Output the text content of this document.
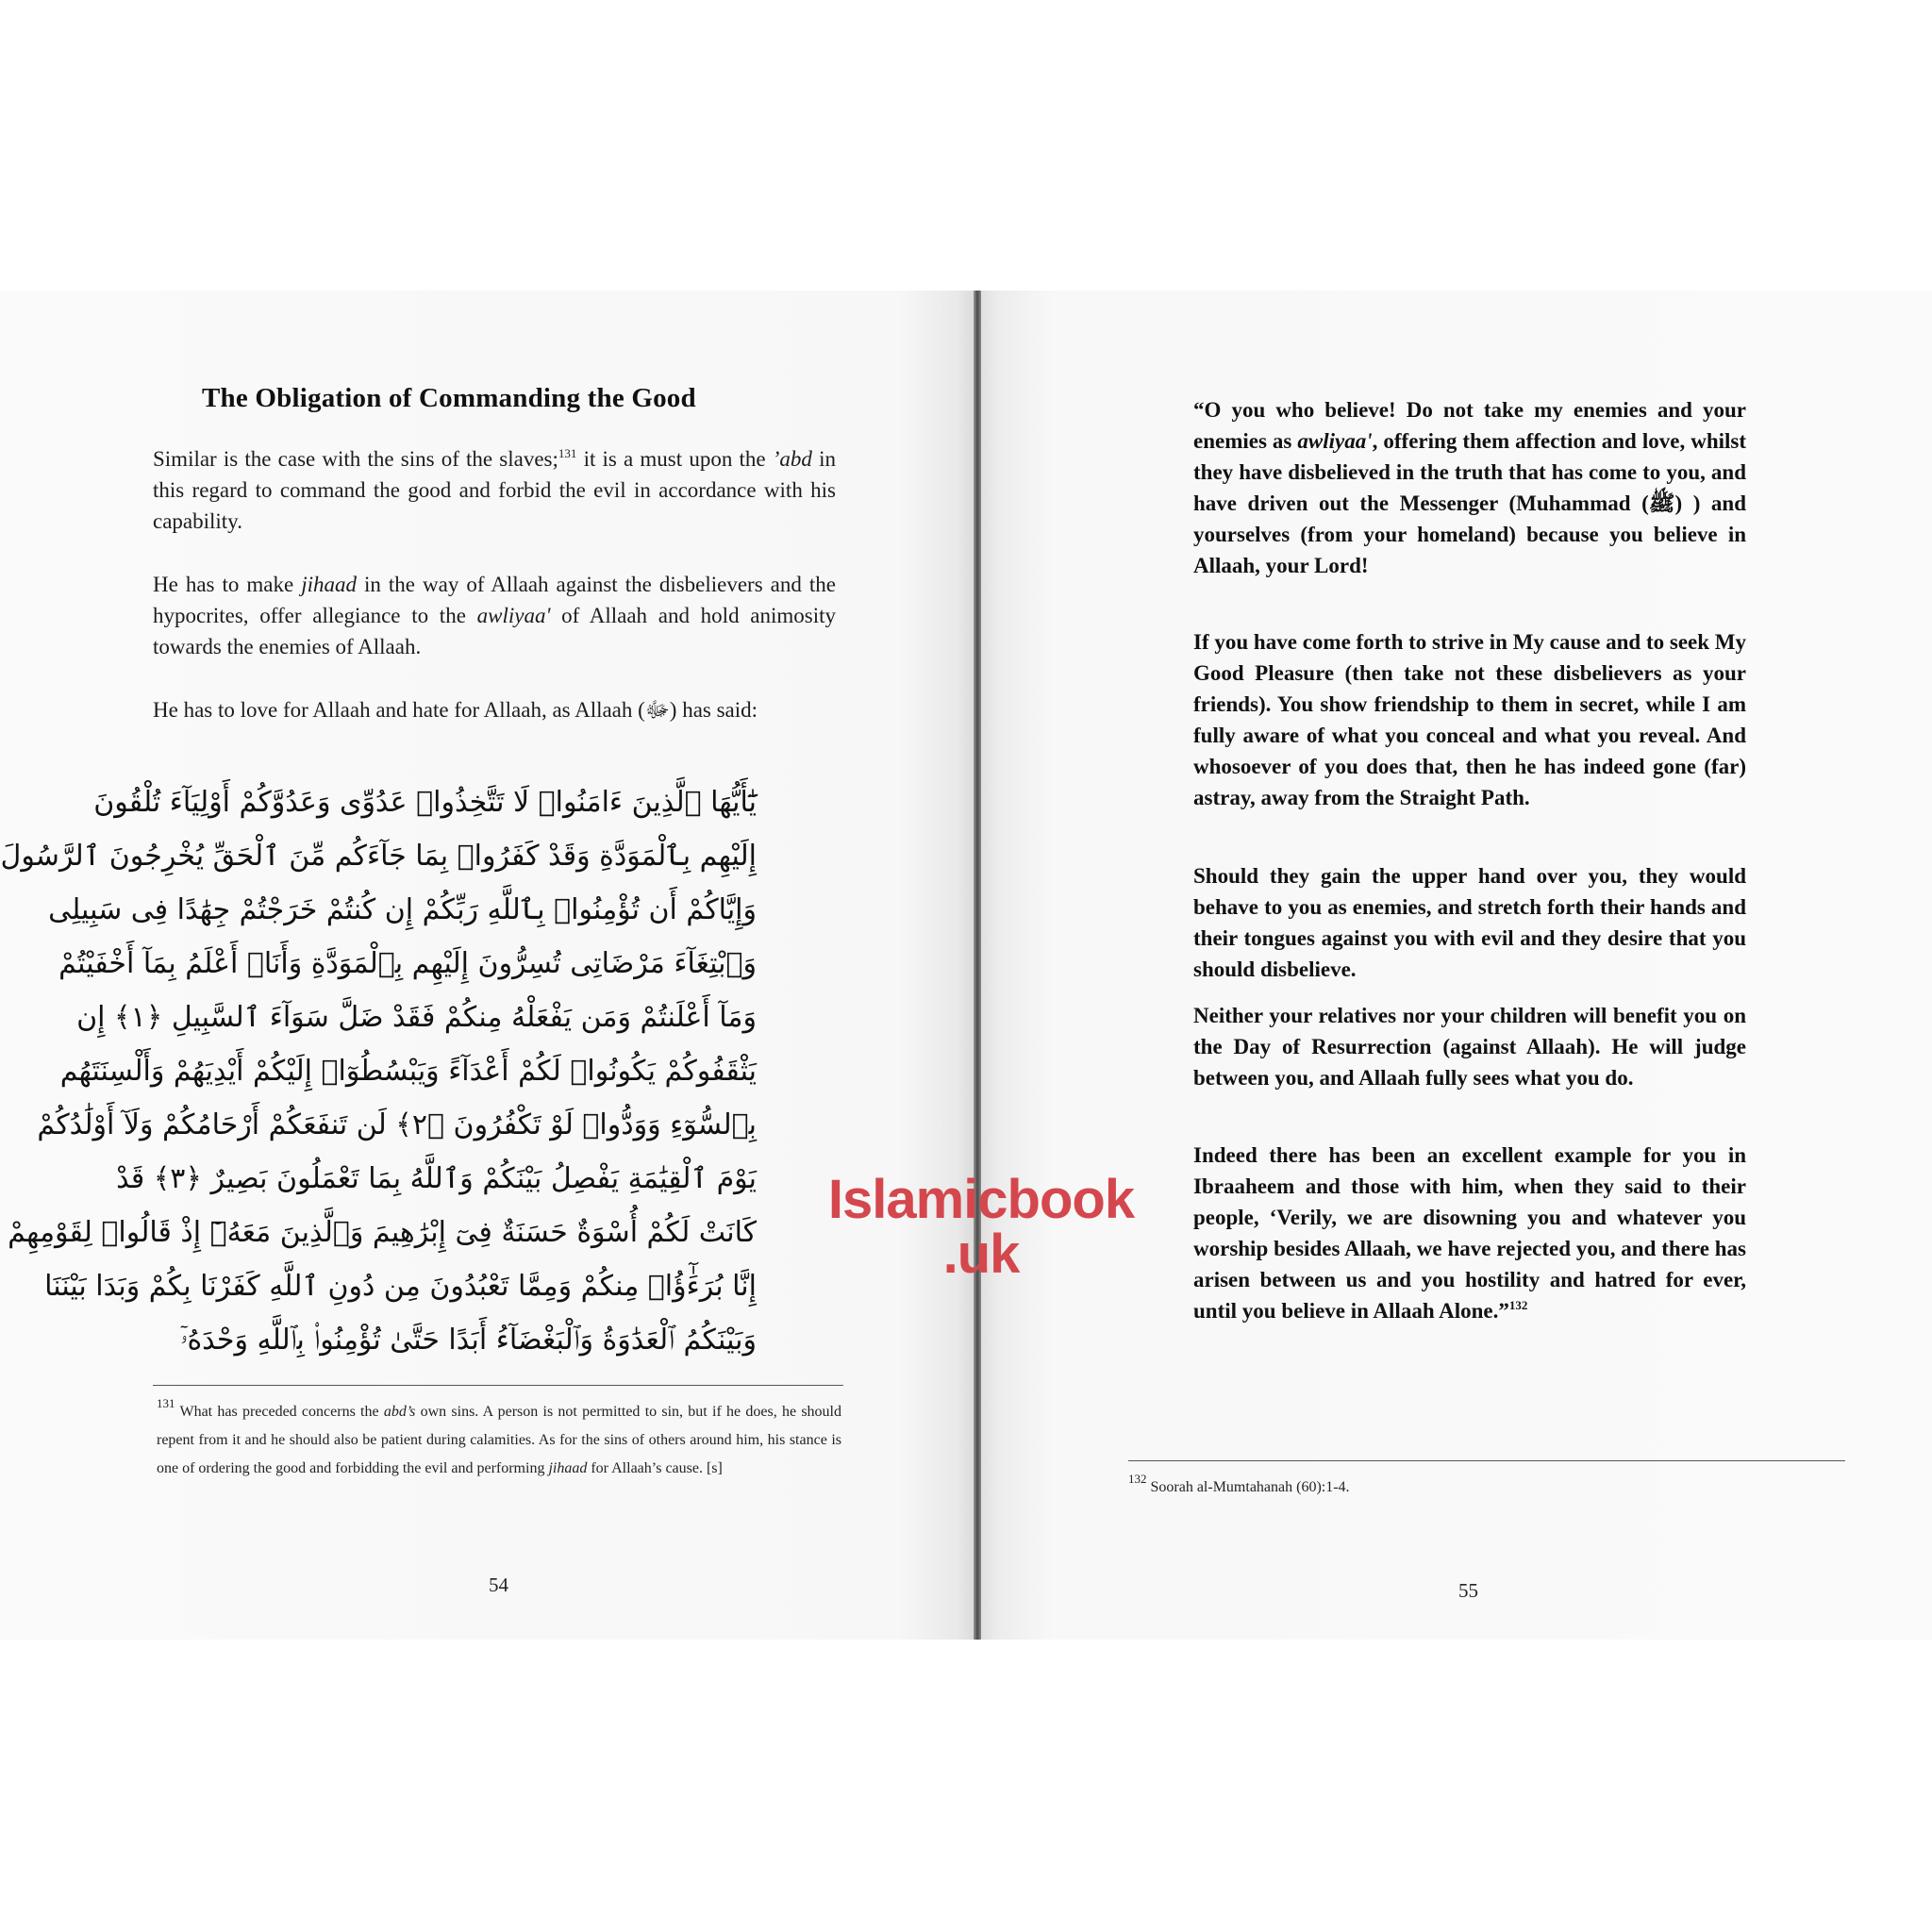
The Obligation of Commanding the Good

Similar is the case with the sins of the slaves;$^{131}$ it is a must upon the ’abd in this regard to command the good and forbid the evil in accordance with his capability.

He has to make jihaad in the way of Allaah against the disbelievers and the hypocrites, offer allegiance to the awliyaa' of Allaah and hold animosity towards the enemies of Allaah.

He has to love for Allaah and hate for Allaah, as Allaah (ﷻ) has said:

يَٰٓأَيُّهَا ٱلَّذِينَ ءَامَنُوا۟ لَا تَتَّخِذُوا۟ عَدُوِّى وَعَدُوَّكُمْ أَوْلِيَآءَ تُلْقُونَ
إِلَيْهِم بِٱلْمَوَدَّةِ وَقَدْ كَفَرُوا۟ بِمَا جَآءَكُم مِّنَ ٱلْحَقِّ يُخْرِجُونَ ٱلرَّسُولَ
وَإِيَّاكُمْ أَن تُؤْمِنُوا۟ بِٱللَّهِ رَبِّكُمْ إِن كُنتُمْ خَرَجْتُمْ جِهَٰدًا فِى سَبِيلِى
وَٱبْتِغَآءَ مَرْضَاتِى تُسِرُّونَ إِلَيْهِم بِٱلْمَوَدَّةِ وَأَنَا۠ أَعْلَمُ بِمَآ أَخْفَيْتُمْ
وَمَآ أَعْلَنتُمْ وَمَن يَفْعَلْهُ مِنكُمْ فَقَدْ ضَلَّ سَوَآءَ ٱلسَّبِيلِ ﴿١﴾ إِن
يَثْقَفُوكُمْ يَكُونُوا۟ لَكُمْ أَعْدَآءً وَيَبْسُطُوٓا۟ إِلَيْكُمْ أَيْدِيَهُمْ وَأَلْسِنَتَهُم
بِٱلسُّوٓءِ وَوَدُّوا۟ لَوْ تَكْفُرُونَ ﴿٢﴾ لَن تَنفَعَكُمْ أَرْحَامُكُمْ وَلَآ أَوْلَٰدُكُمْ
يَوْمَ ٱلْقِيَٰمَةِ يَفْصِلُ بَيْنَكُمْ وَٱللَّهُ بِمَا تَعْمَلُونَ بَصِيرٌ ﴿٣﴾ قَدْ
كَانَتْ لَكُمْ أُسْوَةٌ حَسَنَةٌ فِىٓ إِبْرَٰهِيمَ وَٱلَّذِينَ مَعَهُۥٓ إِذْ قَالُوا۟ لِقَوْمِهِمْ
إِنَّا بُرَءَٰٓؤُا۟ مِنكُمْ وَمِمَّا تَعْبُدُونَ مِن دُونِ ٱللَّهِ كَفَرْنَا بِكُمْ وَبَدَا بَيْنَنَا
وَبَيْنَكُمُ ٱلْعَدَٰوَةُ وَٱلْبَغْضَآءُ أَبَدًا حَتَّىٰ تُؤْمِنُوا۟ بِٱللَّهِ وَحْدَهُۥٓ

$^{131}$ What has preceded concerns the abd’s own sins. A person is not permitted to sin, but if he does, he should repent from it and he should also be patient during calamities. As for the sins of others around him, his stance is one of ordering the good and forbidding the evil and performing jihaad for Allaah’s cause. [s]

54

“O you who believe! Do not take my enemies and your enemies as awliyaa', offering them affection and love, whilst they have disbelieved in the truth that has come to you, and have driven out the Messenger (Muhammad (ﷺ) ) and yourselves (from your homeland) because you believe in Allaah, your Lord!

If you have come forth to strive in My cause and to seek My Good Pleasure (then take not these disbelievers as your friends). You show friendship to them in secret, while I am fully aware of what you conceal and what you reveal. And whosoever of you does that, then he has indeed gone (far) astray, away from the Straight Path.

Should they gain the upper hand over you, they would behave to you as enemies, and stretch forth their hands and their tongues against you with evil and they desire that you should disbelieve.

Neither your relatives nor your children will benefit you on the Day of Resurrection (against Allaah). He will judge between you, and Allaah fully sees what you do.

Indeed there has been an excellent example for you in Ibraaheem and those with him, when they said to their people, ‘Verily, we are disowning you and whatever you worship besides Allaah, we have rejected you, and there has arisen between us and you hostility and hatred for ever, until you believe in Allaah Alone.”$^{132}$

$^{132}$ Soorah al-Mumtahanah (60):1-4.

55
Islamicbook
.uk
